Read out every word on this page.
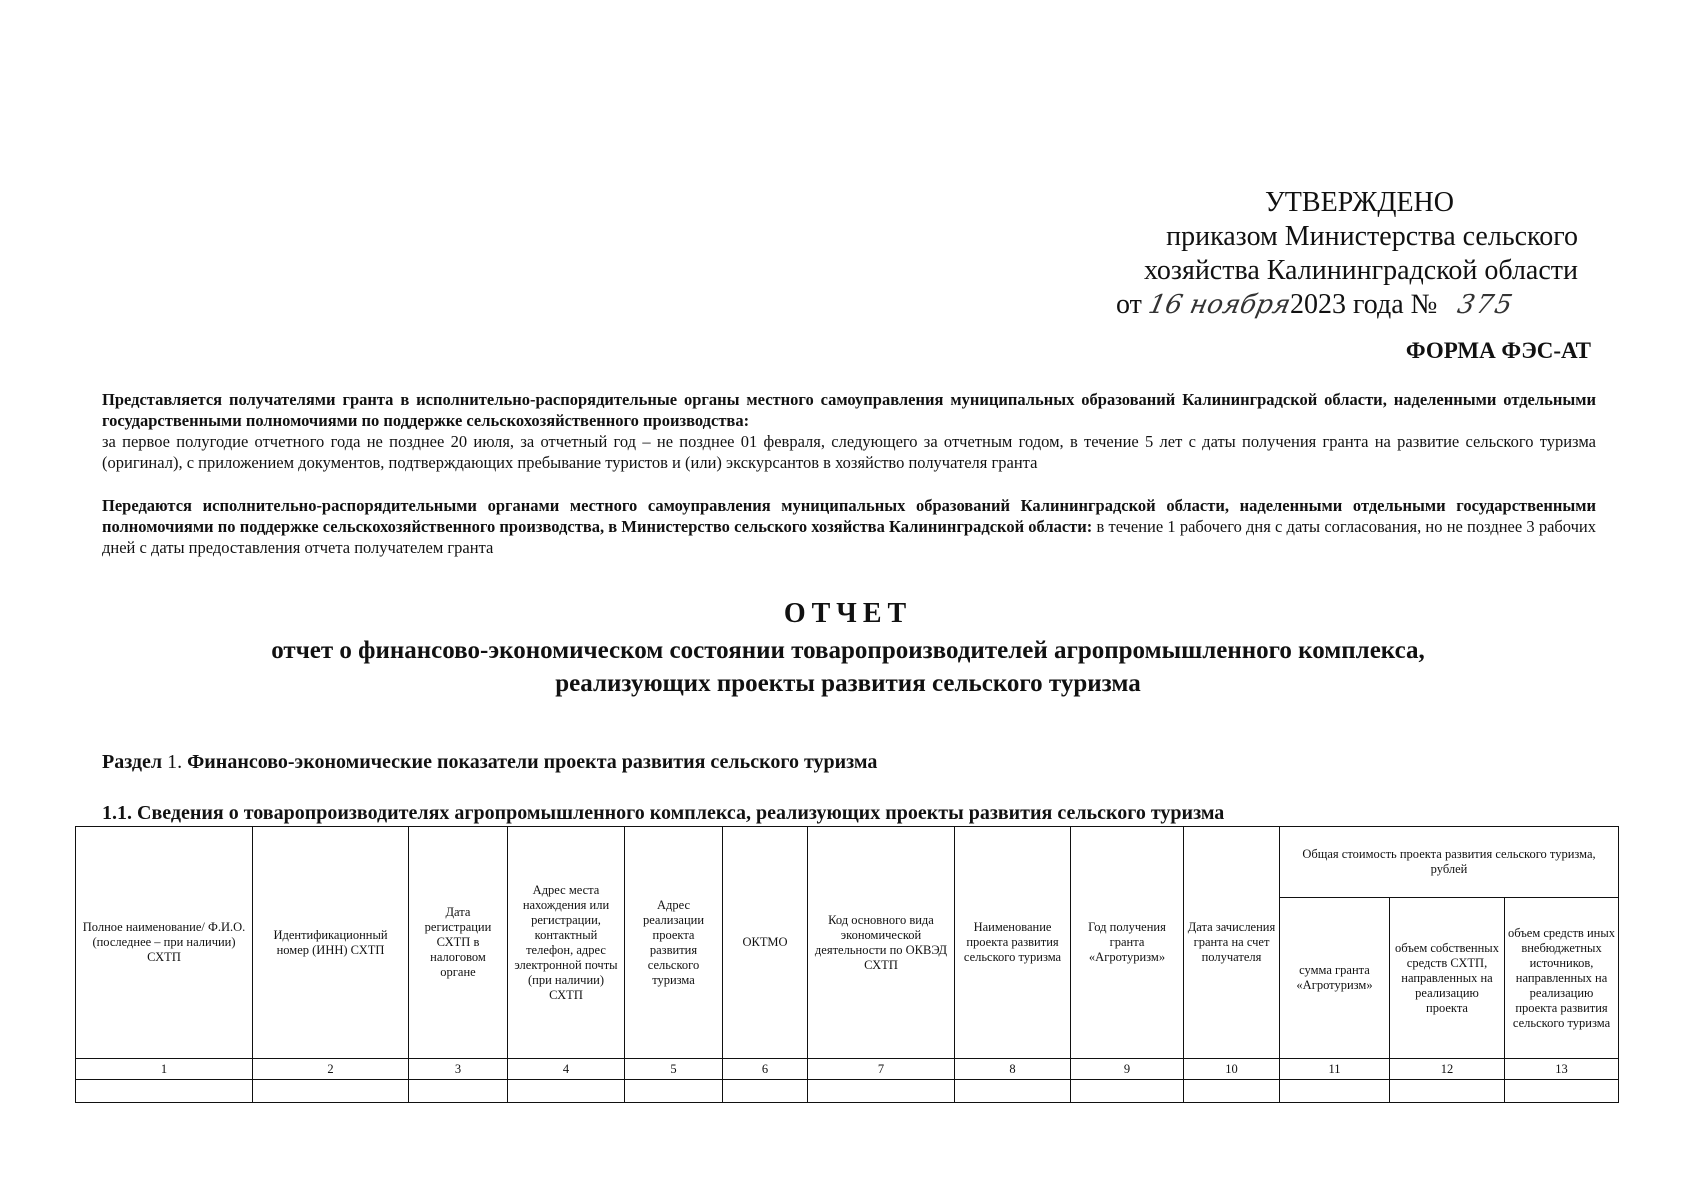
УТВЕРЖДЕНО
приказом Министерства сельского
хозяйства Калининградской области
от 16 ноября2023 года № 375
ФОРМА ФЭС-АТ

Представляется получателями гранта в исполнительно-распорядительные органы местного самоуправления муниципальных образований Калининградской области, наделенными отдельными государственными полномочиями по поддержке сельскохозяйственного производства:
за первое полугодие отчетного года не позднее 20 июля, за отчетный год – не позднее 01 февраля, следующего за отчетным годом, в течение 5 лет с даты получения гранта на развитие сельского туризма (оригинал), с приложением документов, подтверждающих пребывание туристов и (или) экскурсантов в хозяйство получателя гранта

Передаются исполнительно-распорядительными органами местного самоуправления муниципальных образований Калининградской области, наделенными отдельными государственными полномочиями по поддержке сельскохозяйственного производства, в Министерство сельского хозяйства Калининградской области: в течение 1 рабочего дня с даты согласования, но не позднее 3 рабочих дней с даты предоставления отчета получателем гранта

ОТЧЕТ
отчет о финансово-экономическом состоянии товаропроизводителей агропромышленного комплекса,
реализующих проекты развития сельского туризма
Раздел 1. Финансово-экономические показатели проекта развития сельского туризма
1.1. Сведения о товаропроизводителях агропромышленного комплекса, реализующих проекты развития сельского туризма
Полное наименование/ Ф.И.О. (последнее – при наличии) СХТП	Идентификационный номер (ИНН) СХТП	Дата регистрации СХТП в налоговом органе	Адрес места нахождения или регистрации, контактный телефон, адрес электронной почты (при наличии) СХТП	Адрес реализации проекта развития сельского туризма	ОКТМО	Код основного вида экономической деятельности по ОКВЭД СХТП	Наименование проекта развития сельского туризма	Год получения гранта «Агротуризм»	Дата зачисления гранта на счет получателя	Общая стоимость проекта развития сельского туризма, рублей		
										сумма гранта «Агротуризм»	объем собственных средств СХТП, направленных на реализацию проекта	объем средств иных внебюджетных источников, направленных на реализацию проекта развития сельского туризма
1	2	3	4	5	6	7	8	9	10	11	12	13
